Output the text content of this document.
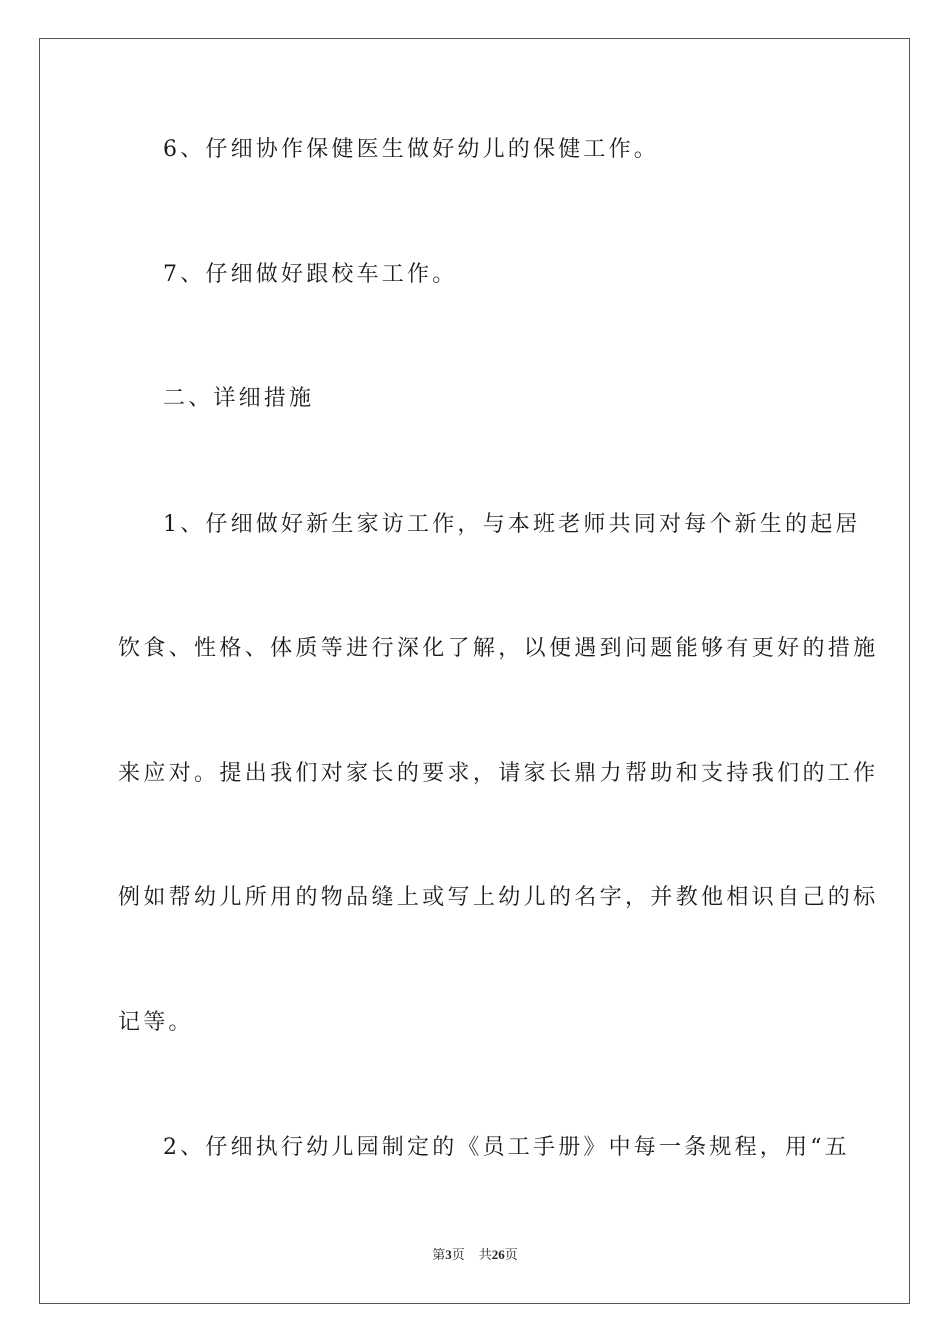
6、仔细协作保健医生做好幼儿的保健工作。
7、仔细做好跟校车工作。
二、详细措施
1、仔细做好新生家访工作，与本班老师共同对每个新生的起居
饮食、性格、体质等进行深化了解，以便遇到问题能够有更好的措施
来应对。提出我们对家长的要求，请家长鼎力帮助和支持我们的工作
例如帮幼儿所用的物品缝上或写上幼儿的名字，并教他相识自己的标
记等。
2、仔细执行幼儿园制定的《员工手册》中每一条规程，用“五
第3页 共26页
